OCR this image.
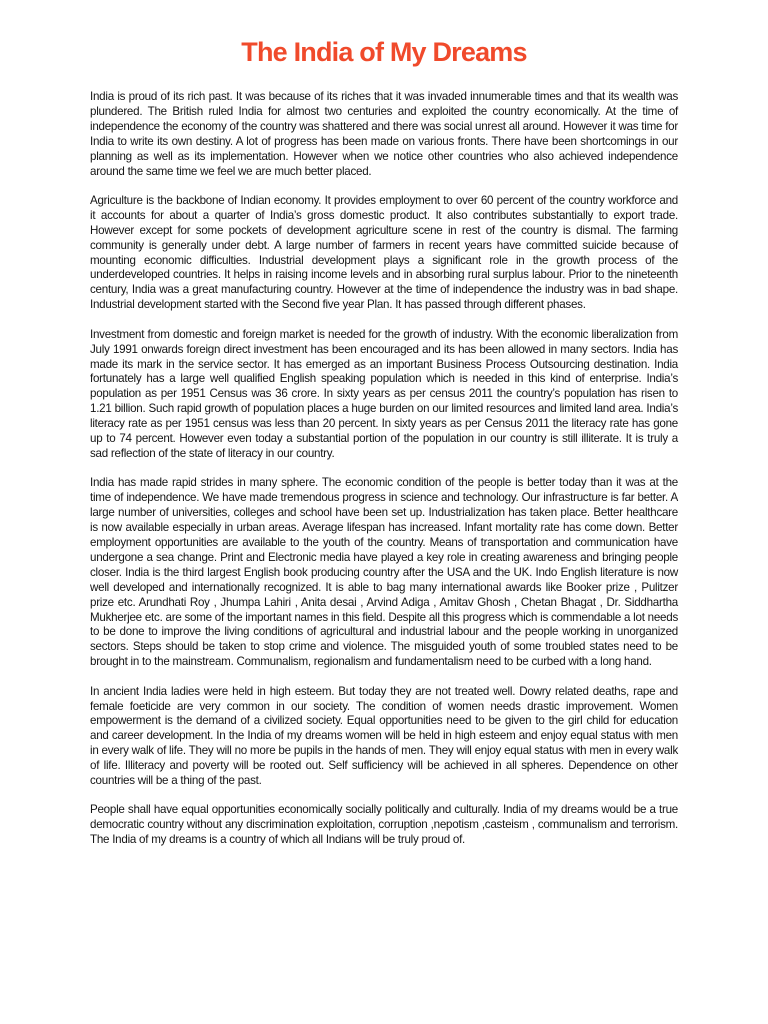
The India of My Dreams

India is proud of its rich past. It was because of its riches that it was invaded innumerable times and that its wealth was plundered. The British ruled India for almost two centuries and exploited the country economically. At the time of independence the economy of the country was shattered and there was social unrest all around. However it was time for India to write its own destiny. A lot of progress has been made on various fronts. There have been shortcomings in our planning as well as its implementation. However when we notice other countries who also achieved independence around the same time we feel we are much better placed.

Agriculture is the backbone of Indian economy. It provides employment to over 60 percent of the country workforce and it accounts for about a quarter of India’s gross domestic product. It also contributes substantially to export trade. However except for some pockets of development agriculture scene in rest of the country is dismal. The farming community is generally under debt. A large number of farmers in recent years have committed suicide because of mounting economic difficulties. Industrial development plays a significant role in the growth process of the underdeveloped countries. It helps in raising income levels and in absorbing rural surplus labour. Prior to the nineteenth century, India was a great manufacturing country. However at the time of independence the industry was in bad shape. Industrial development started with the Second five year Plan. It has passed through different phases.

Investment from domestic and foreign market is needed for the growth of industry. With the economic liberalization from July 1991 onwards foreign direct investment has been encouraged and its has been allowed in many sectors. India has made its mark in the service sector. It has emerged as an important Business Process Outsourcing destination. India fortunately has a large well qualified English speaking population which is needed in this kind of enterprise. India’s population as per 1951 Census was 36 crore. In sixty years as per census 2011 the country’s population has risen to 1.21 billion. Such rapid growth of population places a huge burden on our limited resources and limited land area. India’s literacy rate as per 1951 census was less than 20 percent. In sixty years as per Census 2011 the literacy rate has gone up to 74 percent. However even today a substantial portion of the population in our country is still illiterate. It is truly a sad reflection of the state of literacy in our country.

India has made rapid strides in many sphere. The economic condition of the people is better today than it was at the time of independence. We have made tremendous progress in science and technology. Our infrastructure is far better. A large number of universities, colleges and school have been set up. Industrialization has taken place. Better healthcare is now available especially in urban areas. Average lifespan has increased. Infant mortality rate has come down. Better employment opportunities are available to the youth of the country. Means of transportation and communication have undergone a sea change. Print and Electronic media have played a key role in creating awareness and bringing people closer. India is the third largest English book producing country after the USA and the UK. Indo English literature is now well developed and internationally recognized. It is able to bag many international awards like Booker prize , Pulitzer prize etc. Arundhati Roy , Jhumpa Lahiri , Anita desai , Arvind Adiga , Amitav Ghosh , Chetan Bhagat , Dr. Siddhartha Mukherjee etc. are some of the important names in this field. Despite all this progress which is commendable a lot needs to be done to improve the living conditions of agricultural and industrial labour and the people working in unorganized sectors. Steps should be taken to stop crime and violence. The misguided youth of some troubled states need to be brought in to the mainstream. Communalism, regionalism and fundamentalism need to be curbed with a long hand.

In ancient India ladies were held in high esteem. But today they are not treated well. Dowry related deaths, rape and female foeticide are very common in our society. The condition of women needs drastic improvement. Women empowerment is the demand of a civilized society. Equal opportunities need to be given to the girl child for education and career development. In the India of my dreams women will be held in high esteem and enjoy equal status with men in every walk of life. They will no more be pupils in the hands of men. They will enjoy equal status with men in every walk of life. Illiteracy and poverty will be rooted out. Self sufficiency will be achieved in all spheres. Dependence on other countries will be a thing of the past.

People shall have equal opportunities economically socially politically and culturally. India of my dreams would be a true democratic country without any discrimination exploitation, corruption ,nepotism ,casteism , communalism and terrorism. The India of my dreams is a country of which all Indians will be truly proud of.
